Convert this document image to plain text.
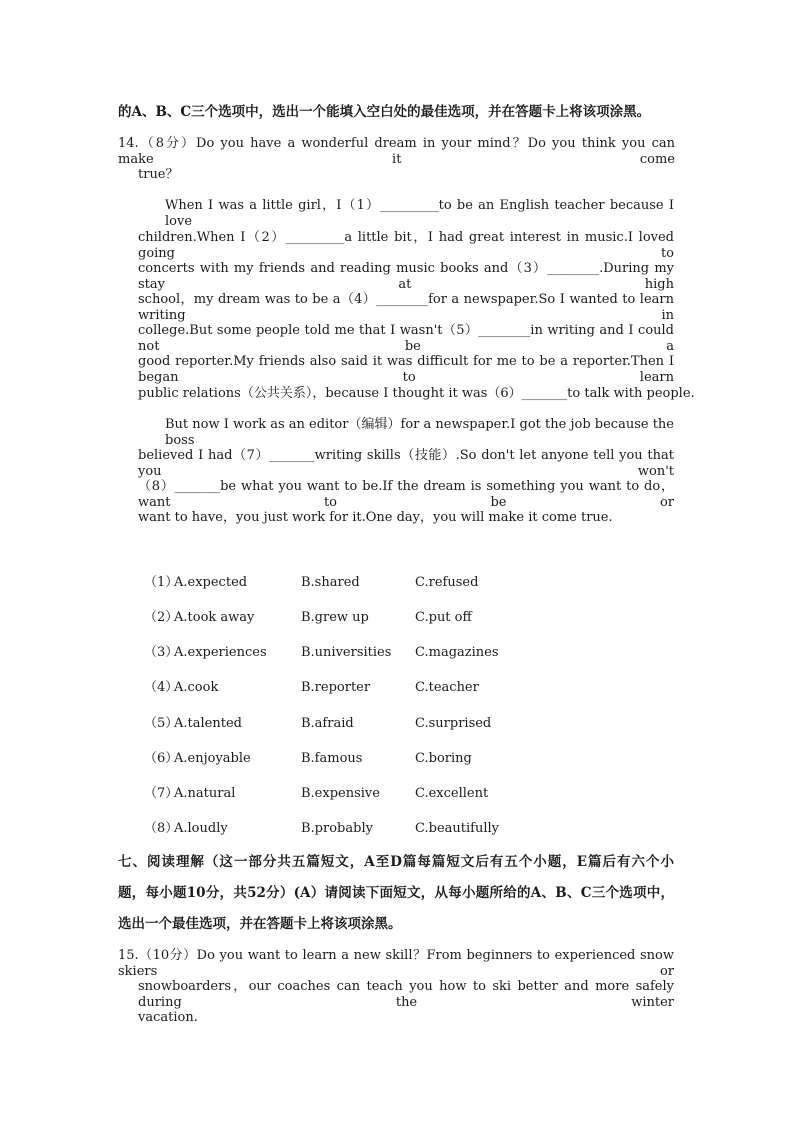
的A、B、C三个选项中，选出一个能填入空白处的最佳选项，并在答题卡上将该项涂黑。
14.（8分）Do you have a wonderful dream in your mind？Do you think you can make it come
true？
When I was a little girl，I（1）_________to be an English teacher because I love
children.When I（2）_________a little bit，I had great interest in music.I loved going to
concerts with my friends and reading music books and（3）________.During my stay at high
school，my dream was to be a（4）________for a newspaper.So I wanted to learn writing in
college.But some people told me that I wasn't（5）________in writing and I could not be a
good reporter.My friends also said it was difficult for me to be a reporter.Then I began to learn
public relations（公共关系），because I thought it was（6）_______to talk with people.
But now I work as an editor（编辑）for a newspaper.I got the job because the boss
believed I had（7）_______writing skills（技能）.So don't let anyone tell you that you won't
（8）_______be what you want to be.If the dream is something you want to do，want to be or
want to have，you just work for it.One day，you will make it come true.
（1）
A.expected	B.shared	C.refused
（2）
A.took away	B.grew up	C.put off
（3）
A.experiences	B.universities C.magazines
（4）
A.cook	B.reporter	C.teacher
（5）
A.talented	B.afraid	C.surprised
（6）
A.enjoyable	B.famous	C.boring
（7）
A.natural	B.expensive	C.excellent
（8）
A.loudly	B.probably	C.beautifully
七、阅读理解（这一部分共五篇短文，A至D篇每篇短文后有五个小题，E篇后有六个小
题，每小题10分，共52分）(A）请阅读下面短文，从每小题所给的A、B、C三个选项中，
选出一个最佳选项，并在答题卡上将该项涂黑。
15.（10分）Do you want to learn a new skill？From beginners to experienced snow skiers or
snowboarders，our coaches can teach you how to ski better and more safely during the winter
vacation.
